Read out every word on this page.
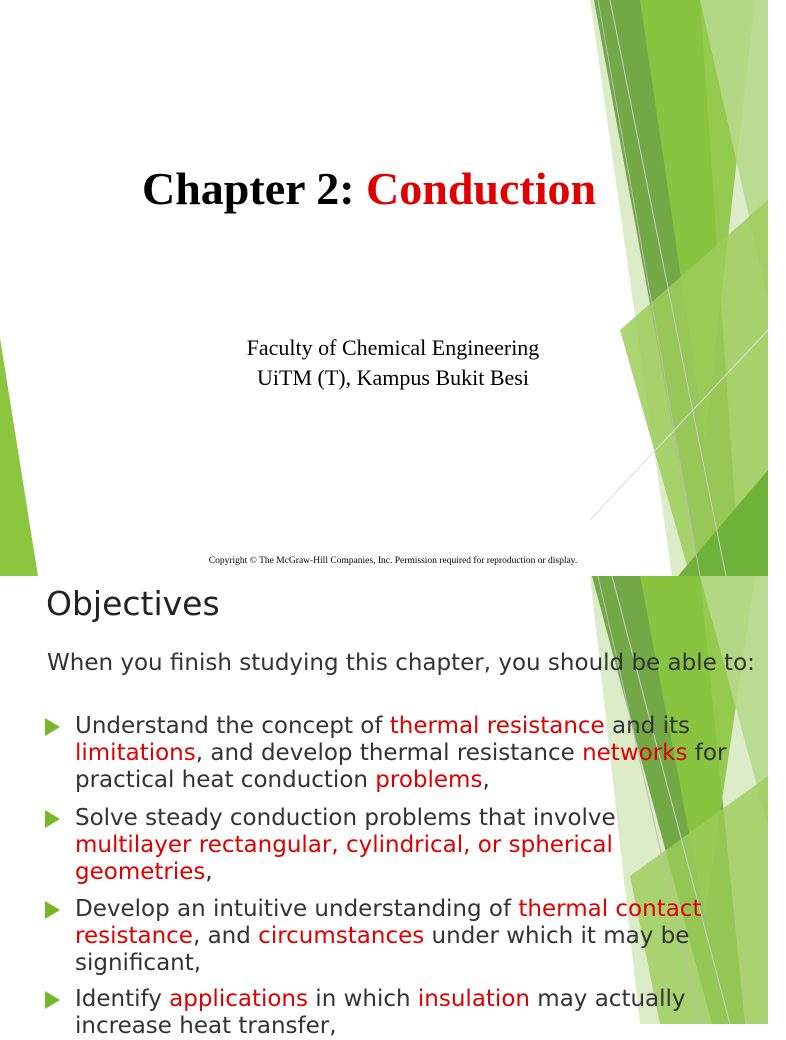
Chapter 2: Conduction
Faculty of Chemical Engineering
UiTM (T), Kampus Bukit Besi
Copyright © The McGraw-Hill Companies, Inc. Permission required for reproduction or display.
Objectives
When you finish studying this chapter, you should be able to:
Understand the concept of thermal resistance and its limitations, and develop thermal resistance networks for practical heat conduction problems,
Solve steady conduction problems that involve multilayer rectangular, cylindrical, or spherical geometries,
Develop an intuitive understanding of thermal contact resistance, and circumstances under which it may be significant,
Identify applications in which insulation may actually increase heat transfer,
